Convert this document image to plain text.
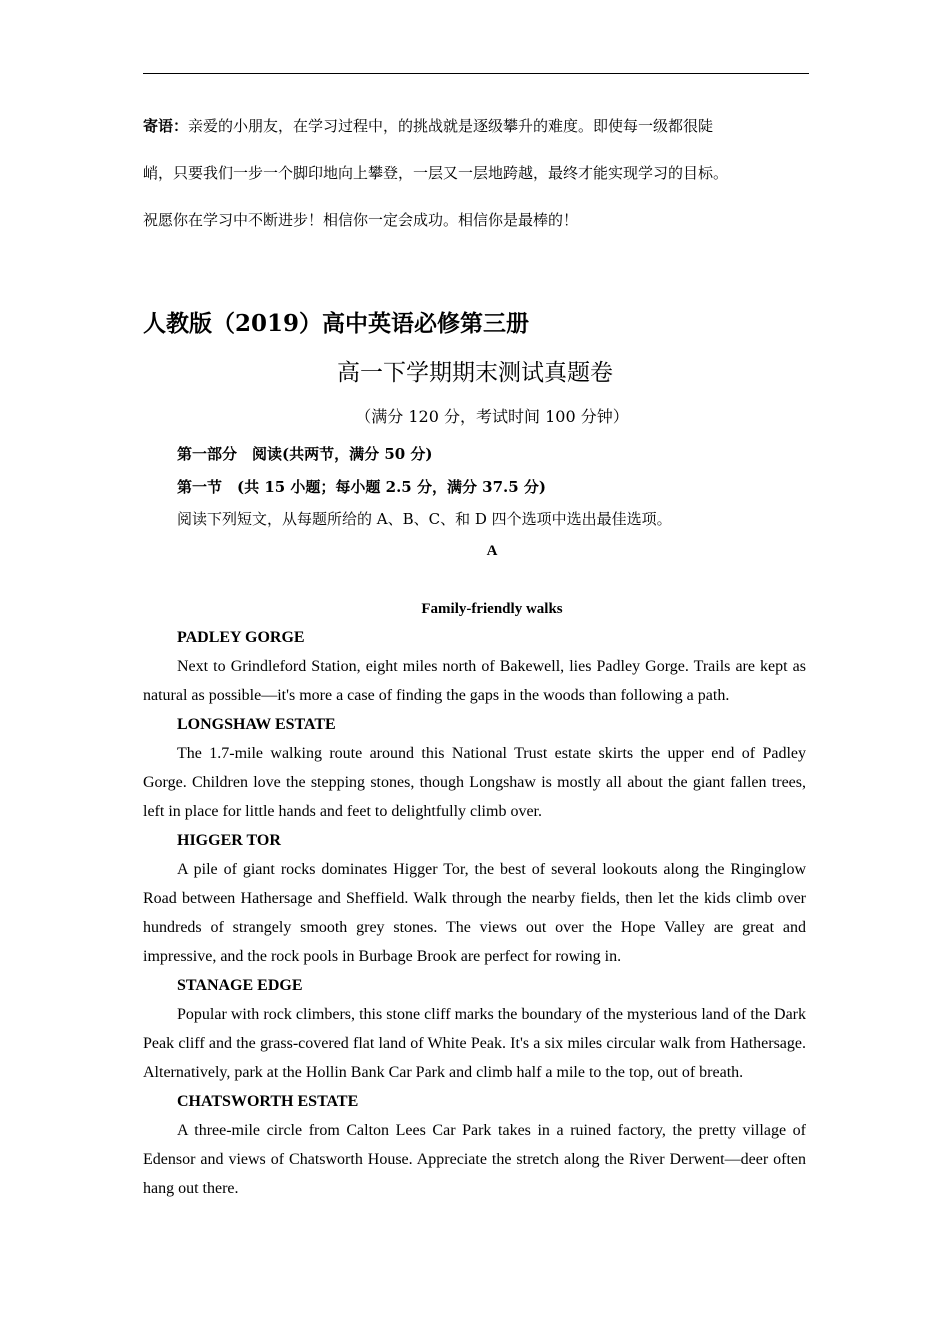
寄语：亲爱的小朋友，在学习过程中，的挑战就是逐级攀升的难度。即使每一级都很陡
峭，只要我们一步一个脚印地向上攀登，一层又一层地跨越，最终才能实现学习的目标。
祝愿你在学习中不断进步！相信你一定会成功。相信你是最棒的！
人教版（2019）高中英语必修第三册
高一下学期期末测试真题卷
（满分 120 分，考试时间 100 分钟）
第一部分　阅读(共两节，满分 50 分)
第一节　(共 15 小题；每小题 2.5 分，满分 37.5 分)
阅读下列短文，从每题所给的 A、B、C、和 D 四个选项中选出最佳选项。
A
Family-friendly walks
PADLEY GORGE

Next to Grindleford Station, eight miles north of Bakewell, lies Padley Gorge. Trails are kept as natural as possible—it's more a case of finding the gaps in the woods than following a path.

LONGSHAW ESTATE

The 1.7-mile walking route around this National Trust estate skirts the upper end of Padley Gorge. Children love the stepping stones, though Longshaw is mostly all about the giant fallen trees, left in place for little hands and feet to delightfully climb over.

HIGGER TOR

A pile of giant rocks dominates Higger Tor, the best of several lookouts along the Ringinglow Road between Hathersage and Sheffield. Walk through the nearby fields, then let the kids climb over hundreds of strangely smooth grey stones. The views out over the Hope Valley are great and impressive, and the rock pools in Burbage Brook are perfect for rowing in.

STANAGE EDGE

Popular with rock climbers, this stone cliff marks the boundary of the mysterious land of the Dark Peak cliff and the grass-covered flat land of White Peak. It's a six miles circular walk from Hathersage. Alternatively, park at the Hollin Bank Car Park and climb half a mile to the top, out of breath.

CHATSWORTH ESTATE

A three-mile circle from Calton Lees Car Park takes in a ruined factory, the pretty village of Edensor and views of Chatsworth House. Appreciate the stretch along the River Derwent—deer often hang out there.
